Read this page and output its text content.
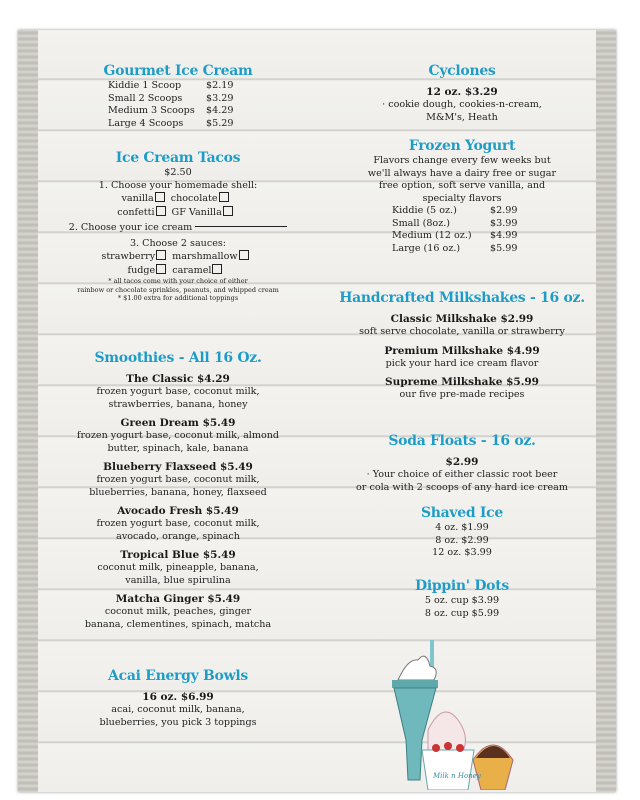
Gourmet Ice Cream
Kiddie 1 Scoop	$2.19
Small 2 Scoops	$3.29
Medium 3 Scoops	$4.29
Large 4 Scoops	$5.29
Ice Cream Tacos
$2.50
1. Choose your homemade shell:
vanilla chocolate
confetti GF Vanilla
2. Choose your ice cream
3. Choose 2 sauces:
strawberry marshmallow
fudge caramel
* all tacos come with your choice of either
rainbow or chocolate sprinkles, peanuts, and whipped cream
* $1.00 extra for additional toppings
Smoothies - All 16 Oz.
The Classic $4.29
frozen yogurt base, coconut milk,
strawberries, banana, honey
Green Dream $5.49
frozen yogurt base, coconut milk, almond
butter, spinach, kale, banana
Blueberry Flaxseed $5.49
frozen yogurt base, coconut milk,
blueberries, banana, honey, flaxseed
Avocado Fresh $5.49
frozen yogurt base, coconut milk,
avocado, orange, spinach
Tropical Blue $5.49
coconut milk, pineapple, banana,
vanilla, blue spirulina
Matcha Ginger $5.49
coconut milk, peaches, ginger
banana, clementines, spinach, matcha
Acai Energy Bowls
16 oz. $6.99
acai, coconut milk, banana,
blueberries, you pick 3 toppings
Cyclones
12 oz. $3.29
· cookie dough, cookies-n-cream,
M&M's, Heath
Frozen Yogurt
Flavors change every few weeks but
we'll always have a dairy free or sugar
free option, soft serve vanilla, and
specialty flavors
Kiddie (5 oz.)	$2.99
Small (8oz.)	$3.99
Medium (12 oz.)	$4.99
Large (16 oz.)	$5.99
Handcrafted Milkshakes - 16 oz.
Classic Milkshake $2.99
soft serve chocolate, vanilla or strawberry
Premium Milkshake $4.99
pick your hard ice cream flavor
Supreme Milkshake $5.99
our five pre-made recipes
Soda Floats - 16 oz.
$2.99
· Your choice of either classic root beer
or cola with 2 scoops of any hard ice cream
Shaved Ice
4 oz. $1.99
8 oz. $2.99
12 oz. $3.99
Dippin' Dots
5 oz. cup $3.99
8 oz. cup $5.99
Milk n Honey
